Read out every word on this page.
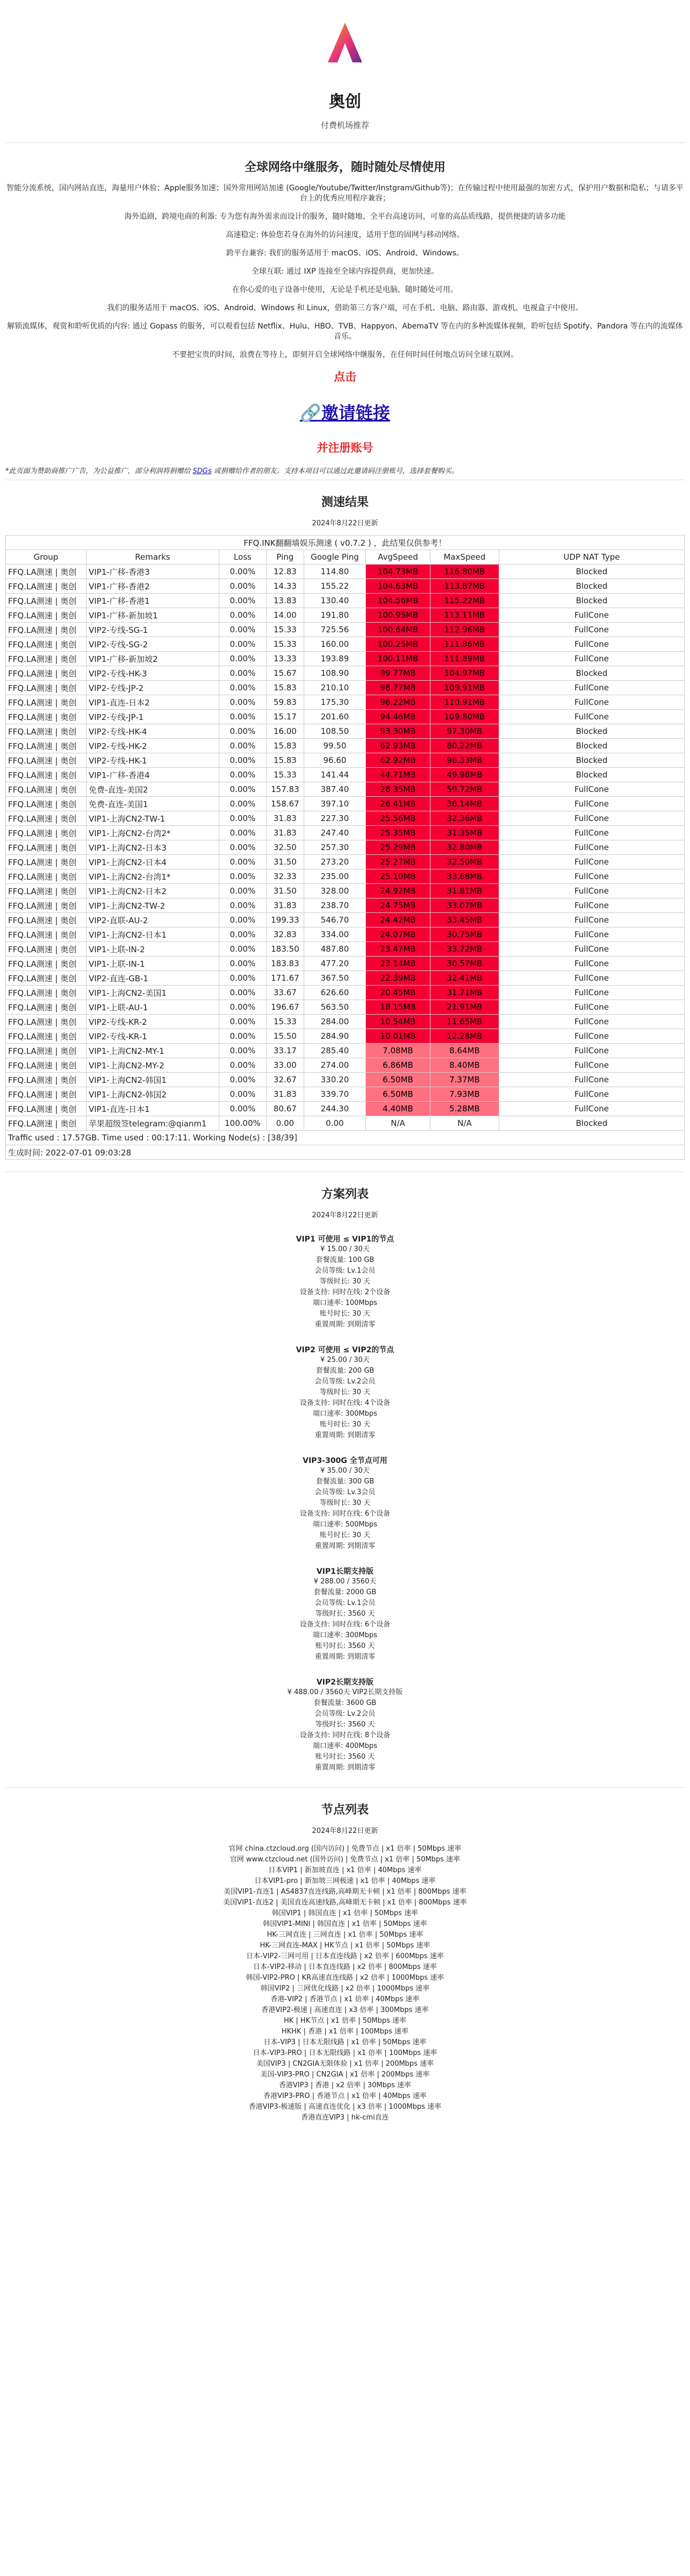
奥创
付费机场推荐
全球网络中继服务，随时随处尽情使用

智能分流系统，国内网站直连，海量用户体验；Apple服务加速；国外常用网站加速 (Google/Youtube/Twitter/Instgram/Github等)；在传输过程中使用最强的加密方式，保护用户数据和隐私；与请多平台上的优秀应用程序兼容；

海外追剧，跨境电商的利器: 专为您有海外需求而设计的服务，随时随地、全平台高速访问，可靠的高品质线路，提供便捷的请多功能

高速稳定: 体验您若身在海外的访问速度，适用于您的固网与移动网络。

跨平台兼容: 我们的服务适用于 macOS、iOS、Android、Windows。

全球互联: 通过 IXP 连接至全球内容提供商，更加快速。

在你心爱的电子设备中使用，无论是手机还是电脑，随时随处可用。

我们的服务适用于 macOS、iOS、Android、Windows 和 Linux，借助第三方客户端，可在手机、电脑、路由器、游戏机、电视盒子中使用。

解锁流媒体，观赏和聆听优质的内容: 通过 Gopass 的服务，可以观看包括 Netflix、Hulu、HBO、TVB、Happyon、AbemaTV 等在内的多种流媒体视频，聆听包括 Spotify、Pandora 等在内的流媒体音乐。

不要把宝贵的时间，浪费在等待上，即刻开启全球网络中继服务，在任何时间任何地点访问全球互联网。

点击
🔗邀请链接
并注册账号
*此页面为赞助商推广广告，为公益推广，部分利润将捐赠给 SDGs 或捐赠给作者的朋友。支持本项目可以通过此邀请码注册账号，选择套餐购买。
测速结果
2024年8月22日更新
FFQ.INK翻翻墙娱乐测速 ( v0.7.2 ) ，此结果仅供参考！							
Group	Remarks	Loss	Ping	Google Ping	AvgSpeed	MaxSpeed	UDP NAT Type
FFQ.LA测速 | 奥创	VIP1-广移-香港3	0.00%	12.83	114.80	104.73MB	116.80MB	Blocked
FFQ.LA测速 | 奥创	VIP1-广移-香港2	0.00%	14.33	155.22	104.63MB	113.87MB	Blocked
FFQ.LA测速 | 奥创	VIP1-广移-香港1	0.00%	13.83	130.40	104.56MB	115.22MB	Blocked
FFQ.LA测速 | 奥创	VIP1-广移-新加坡1	0.00%	14.00	191.80	100.95MB	113.11MB	FullCone
FFQ.LA测速 | 奥创	VIP2-专线-SG-1	0.00%	15.33	725.56	100.64MB	112.96MB	FullCone
FFQ.LA测速 | 奥创	VIP2-专线-SG-2	0.00%	15.33	160.00	100.25MB	111.86MB	FullCone
FFQ.LA测速 | 奥创	VIP1-广移-新加坡2	0.00%	13.33	193.89	100.11MB	111.89MB	FullCone
FFQ.LA测速 | 奥创	VIP2-专线-HK-3	0.00%	15.67	108.90	99.77MB	104.97MB	Blocked
FFQ.LA测速 | 奥创	VIP2-专线-JP-2	0.00%	15.83	210.10	98.77MB	109.91MB	FullCone
FFQ.LA测速 | 奥创	VIP1-直连-日本2	0.00%	59.83	175.30	96.22MB	110.91MB	FullCone
FFQ.LA测速 | 奥创	VIP2-专线-JP-1	0.00%	15.17	201.60	94.46MB	109.80MB	FullCone
FFQ.LA测速 | 奥创	VIP2-专线-HK-4	0.00%	16.00	108.50	93.30MB	97.30MB	Blocked
FFQ.LA测速 | 奥创	VIP2-专线-HK-2	0.00%	15.83	99.50	62.93MB	80.22MB	Blocked
FFQ.LA测速 | 奥创	VIP2-专线-HK-1	0.00%	15.83	96.60	62.92MB	98.33MB	Blocked
FFQ.LA测速 | 奥创	VIP1-广移-香港4	0.00%	15.33	141.44	44.71MB	49.98MB	Blocked
FFQ.LA测速 | 奥创	免费-直连-美国2	0.00%	157.83	387.40	28.35MB	59.72MB	FullCone
FFQ.LA测速 | 奥创	免费-直连-美国1	0.00%	158.67	397.10	26.41MB	36.14MB	FullCone
FFQ.LA测速 | 奥创	VIP1-上海CN2-TW-1	0.00%	31.83	227.30	25.56MB	32.36MB	FullCone
FFQ.LA测速 | 奥创	VIP1-上海CN2-台湾2*	0.00%	31.83	247.40	25.35MB	31.35MB	FullCone
FFQ.LA测速 | 奥创	VIP1-上海CN2-日本3	0.00%	32.50	257.30	25.29MB	32.80MB	FullCone
FFQ.LA测速 | 奥创	VIP1-上海CN2-日本4	0.00%	31.50	273.20	25.27MB	32.50MB	FullCone
FFQ.LA测速 | 奥创	VIP1-上海CN2-台湾1*	0.00%	32.33	235.00	25.10MB	33.68MB	FullCone
FFQ.LA测速 | 奥创	VIP1-上海CN2-日本2	0.00%	31.50	328.00	24.92MB	31.81MB	FullCone
FFQ.LA测速 | 奥创	VIP1-上海CN2-TW-2	0.00%	31.83	238.70	24.75MB	33.07MB	FullCone
FFQ.LA测速 | 奥创	VIP2-直联-AU-2	0.00%	199.33	546.70	24.42MB	33.45MB	FullCone
FFQ.LA测速 | 奥创	VIP1-上海CN2-日本1	0.00%	32.83	334.00	24.07MB	30.75MB	FullCone
FFQ.LA测速 | 奥创	VIP1-上联-IN-2	0.00%	183.50	487.80	23.47MB	33.72MB	FullCone
FFQ.LA测速 | 奥创	VIP1-上联-IN-1	0.00%	183.83	477.20	23.14MB	30.57MB	FullCone
FFQ.LA测速 | 奥创	VIP2-直连-GB-1	0.00%	171.67	367.50	22.39MB	32.41MB	FullCone
FFQ.LA测速 | 奥创	VIP1-上海CN2-美国1	0.00%	33.67	626.60	20.45MB	31.71MB	FullCone
FFQ.LA测速 | 奥创	VIP1-上联-AU-1	0.00%	196.67	563.50	18.15MB	21.91MB	FullCone
FFQ.LA测速 | 奥创	VIP2-专线-KR-2	0.00%	15.33	284.00	10.54MB	11.65MB	FullCone
FFQ.LA测速 | 奥创	VIP2-专线-KR-1	0.00%	15.50	284.90	10.01MB	12.28MB	FullCone
FFQ.LA测速 | 奥创	VIP1-上海CN2-MY-1	0.00%	33.17	285.40	7.08MB	8.64MB	FullCone
FFQ.LA测速 | 奥创	VIP1-上海CN2-MY-2	0.00%	33.00	274.00	6.86MB	8.40MB	FullCone
FFQ.LA测速 | 奥创	VIP1-上海CN2-韩国1	0.00%	32.67	330.20	6.50MB	7.37MB	FullCone
FFQ.LA测速 | 奥创	VIP1-上海CN2-韩国2	0.00%	31.83	339.70	6.50MB	7.93MB	FullCone
FFQ.LA测速 | 奥创	VIP1-直连-日本1	0.00%	80.67	244.30	4.40MB	5.28MB	FullCone
FFQ.LA测速 | 奥创	苹果超级签telegram:@qianm1	100.00%	0.00	0.00	N/A	N/A	Blocked
Traffic used : 17.57GB. Time used : 00:17:11. Working Node(s) : [38/39]							
生成时间: 2022-07-01 09:03:28							
方案列表
2024年8月22日更新
VIP1 可使用 ≤ VIP1的节点
¥ 15.00 / 30天
套餐流量: 100 GB
会员等级: Lv.1会员
等级时长: 30 天
设备支持: 同时在线: 2个设备
端口速率: 100Mbps
账号时长: 30 天
重置周期: 到期清零
VIP2 可使用 ≤ VIP2的节点
¥ 25.00 / 30天
套餐流量: 200 GB
会员等级: Lv.2会员
等级时长: 30 天
设备支持: 同时在线: 4个设备
端口速率: 300Mbps
账号时长: 30 天
重置周期: 到期清零
VIP3-300G 全节点可用
¥ 35.00 / 30天
套餐流量: 300 GB
会员等级: Lv.3会员
等级时长: 30 天
设备支持: 同时在线: 6个设备
端口速率: 500Mbps
账号时长: 30 天
重置周期: 到期清零
VIP1长期支持版
¥ 288.00 / 3560天
套餐流量: 2000 GB
会员等级: Lv.1会员
等级时长: 3560 天
设备支持: 同时在线: 6个设备
端口速率: 300Mbps
账号时长: 3560 天
重置周期: 到期清零
VIP2长期支持版
¥ 488.00 / 3560天 VIP2长期支持版
套餐流量: 3600 GB
会员等级: Lv.2会员
等级时长: 3560 天
设备支持: 同时在线: 8个设备
端口速率: 400Mbps
账号时长: 3560 天
重置周期: 到期清零
节点列表
2024年8月22日更新
官网 china.ctzcloud.org (国内访问) | 免费节点 | x1 倍率 | 50Mbps 速率
官网 www.ctzcloud.net (国外访问) | 免费节点 | x1 倍率 | 50Mbps 速率
日本VIP1 | 新加坡直连 | x1 倍率 | 40Mbps 速率
日本VIP1-pro | 新加坡三网极速 | x1 倍率 | 40Mbps 速率
美国VIP1-直连1 | AS4837直连线路,高峰期无卡顿 | x1 倍率 | 800Mbps 速率
美国VIP1-直连2 | 美国直连高速线路,高峰期无卡顿 | x1 倍率 | 800Mbps 速率
韩国VIP1 | 韩国直连 | x1 倍率 | 50Mbps 速率
韩国VIP1-MINI | 韩国直连 | x1 倍率 | 50Mbps 速率
HK-三网直连 | 三网直连 | x1 倍率 | 50Mbps 速率
HK-三网直连-MAX | HK节点 | x1 倍率 | 50Mbps 速率
日本-VIP2-三网可用 | 日本直连线路 | x2 倍率 | 600Mbps 速率
日本-VIP2-移动 | 日本直连线路 | x2 倍率 | 800Mbps 速率
韩国-VIP2-PRO | KR高速直连线路 | x2 倍率 | 1000Mbps 速率
韩国VIP2 | 三网优化线路 | x2 倍率 | 1000Mbps 速率
香港-VIP2 | 香港节点 | x1 倍率 | 40Mbps 速率
香港VIP2-极速 | 高速直连 | x3 倍率 | 300Mbps 速率
HK | HK节点 | x1 倍率 | 50Mbps 速率
HKHK | 香港 | x1 倍率 | 100Mbps 速率
日本-VIP3 | 日本无限线路 | x1 倍率 | 50Mbps 速率
日本-VIP3-PRO | 日本无限线路 | x1 倍率 | 100Mbps 速率
美国VIP3 | CN2GIA无限体验 | x1 倍率 | 200Mbps 速率
美国-VIP3-PRO | CN2GIA | x1 倍率 | 200Mbps 速率
香港VIP3 | 香港 | x2 倍率 | 30Mbps 速率
香港VIP3-PRO | 香港节点 | x1 倍率 | 40Mbps 速率
香港VIP3-极速版 | 高速直连优化 | x3 倍率 | 1000Mbps 速率
香港直连VIP3 | hk-cmi直连
